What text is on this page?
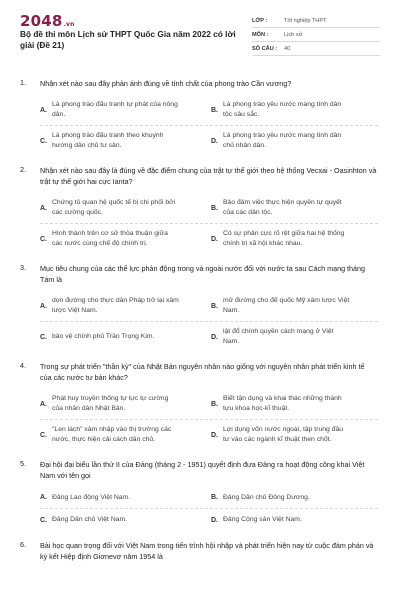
2048.vn
Bộ đề thi môn Lịch sử THPT Quốc Gia năm 2022 có lời giải (Đề 21)
LỚP :	Tốt nghiệp THPT
MÔN :	Lịch sử
SỐ CÂU :	40
1. Nhận xét nào sau đây phản ánh đúng về tính chất của phong trào Cần vương?
A.
Là phong trào đấu tranh tự phát của nông dân.
B.
Là phong trào yêu nước mang tính dân tộc sâu sắc.
C.
Là phong trào đấu tranh theo khuynh hướng dân chủ tư sản.
D.
Là phong trào yêu nước mang tính dân chủ nhân dân.
2. Nhận xét nào sau đây là đúng về đặc điểm chung của trật tự thế giới theo hệ thống Vecxai - Oasinhton và trật tự thế giới hai cực Ianta?
A.
Chứng tỏ quan hệ quốc tế bị chi phối bởi các cường quốc.
B.
Bảo đảm việc thực hiện quyền tự quyết của các dân tộc.
C.
Hình thành trên cơ sở thỏa thuận giữa các nước cùng chế độ chính trị.
D.
Có sự phân cực rõ rệt giữa hai hệ thống chính trị xã hội khác nhau.
3. Mục tiêu chung của các thế lực phản động trong và ngoài nước đối với nước ta sau Cách mạng tháng Tám là
A.
dọn đường cho thực dân Pháp trở lại xâm lược Việt Nam.
B.
mở đường cho đế quốc Mỹ xâm lược Việt Nam.
C. bảo vệ chính phủ Trần Trọng Kim.	D.
lật đổ chính quyền cách mạng ở Việt Nam.
4. Trong sự phát triển "thần kỳ" của Nhật Bản nguyên nhân nào giống với nguyên nhân phát triển kinh tế của các nước tư bản khác?
A.
Phát huy truyền thống tự lực tự cường của nhân dân Nhật Bản.
B.
Biết tận dụng và khai thác những thành tựu khoa học-kĩ thuật.
C.
"Len lách" xâm nhập vào thị trường các nước, thực hiện cải cách dân chủ.
D.
Lợi dụng vốn nước ngoài, tập trung đầu tư vào các ngành kĩ thuật then chốt.
5. Đại hội đại biểu lần thứ II của Đảng (tháng 2 - 1951) quyết định đưa Đảng ra hoạt động công khai Việt Nam với tên gọi
A. Đảng Lao động Việt Nam.	B. Đảng Dân chủ Đông Dương.
C. Đảng Dân chủ Việt Nam.	D. Đảng Cộng sản Việt Nam.
6. Bài học quan trọng đối với Việt Nam trong tiến trình hội nhập và phát triển hiện nay từ cuộc đàm phán và ký kết Hiệp định Giơnevơ năm 1954 là
